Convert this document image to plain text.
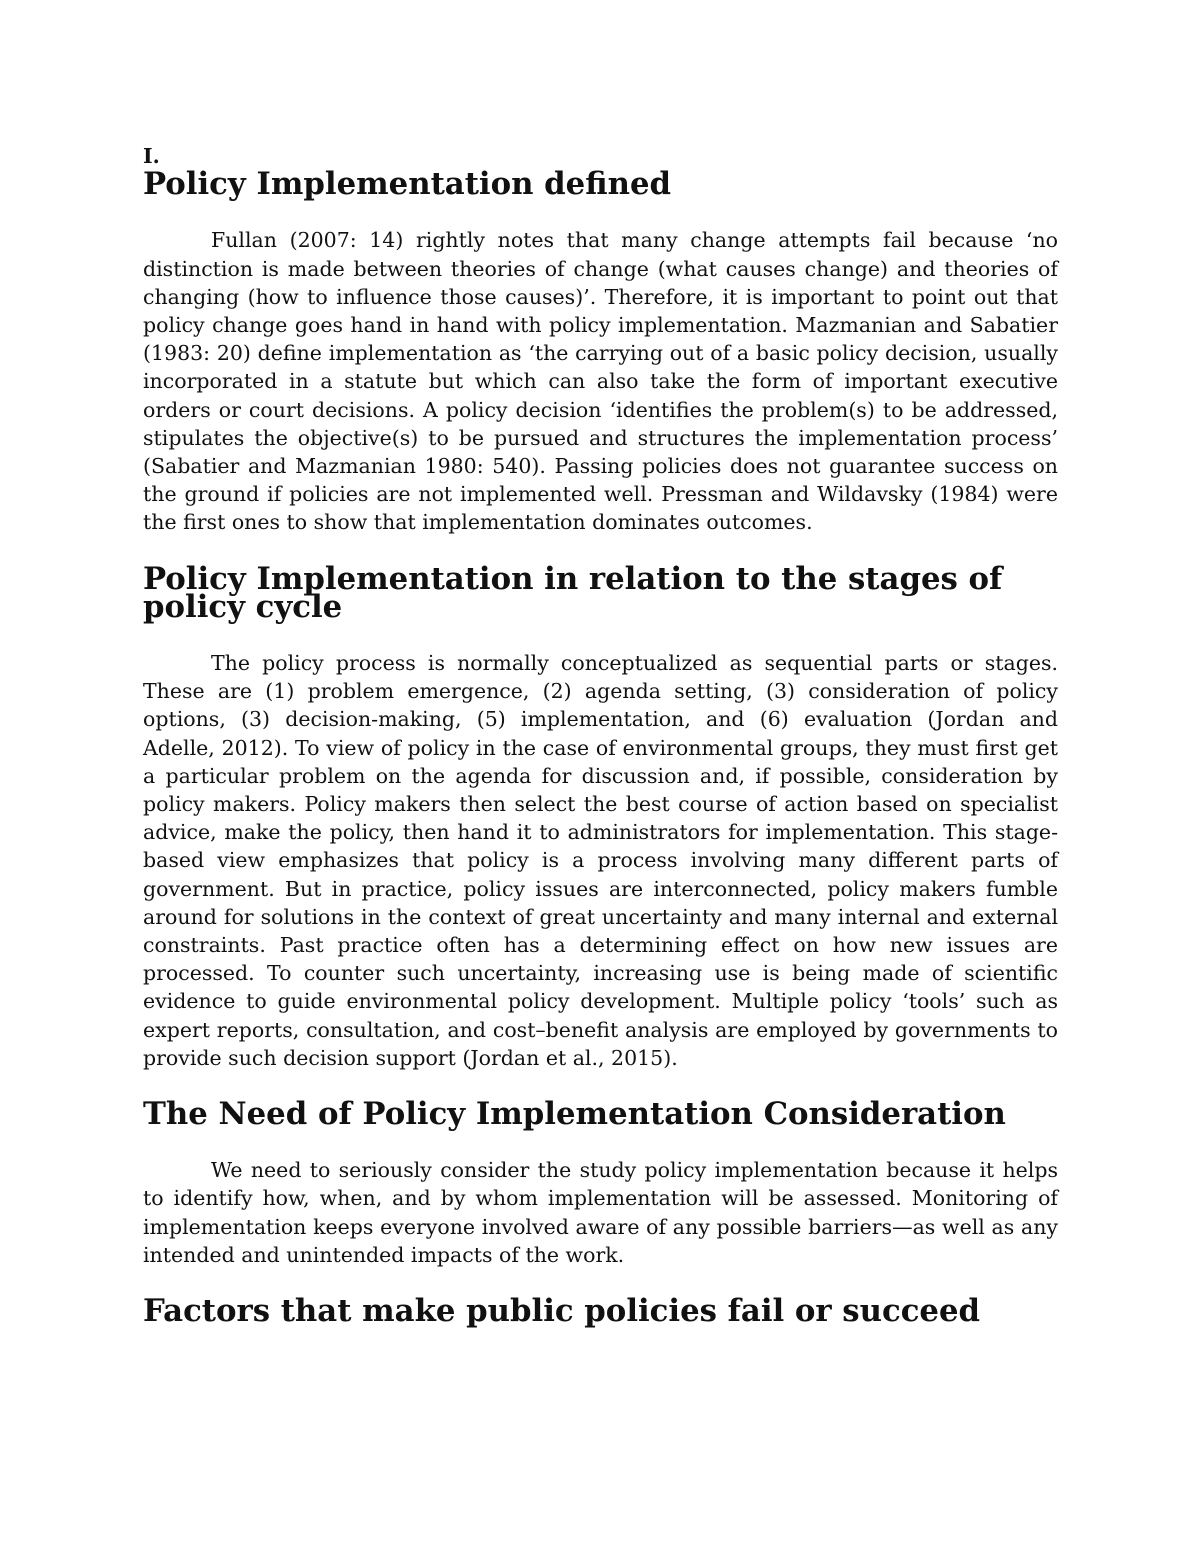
I.

Policy Implementation defined

Fullan (2007: 14) rightly notes that many change attempts fail because ‘no distinction is made between theories of change (what causes change) and theories of changing (how to influence those causes)’. Therefore, it is important to point out that policy change goes hand in hand with policy implementation. Mazmanian and Sabatier (1983: 20) define implementation as ‘the carrying out of a basic policy decision, usually incorporated in a statute but which can also take the form of important executive orders or court decisions. A policy decision ‘identifies the problem(s) to be addressed, stipulates the objective(s) to be pursued and structures the implementation process’ (Sabatier and Mazmanian 1980: 540). Passing policies does not guarantee success on the ground if policies are not implemented well. Pressman and Wildavsky (1984) were the first ones to show that implementation dominates outcomes.

Policy Implementation in relation to the stages of policy cycle

The policy process is normally conceptualized as sequential parts or stages. These are (1) problem emergence, (2) agenda setting, (3) consideration of policy options, (3) decision-making, (5) implementation, and (6) evaluation (Jordan and Adelle, 2012). To view of policy in the case of environmental groups, they must first get a particular problem on the agenda for discussion and, if possible, consideration by policy makers. Policy makers then select the best course of action based on specialist advice, make the policy, then hand it to administrators for implementation. This stage-based view emphasizes that policy is a process involving many different parts of government. But in practice, policy issues are interconnected, policy makers fumble around for solutions in the context of great uncertainty and many internal and external constraints. Past practice often has a determining effect on how new issues are processed. To counter such uncertainty, increasing use is being made of scientific evidence to guide environmental policy development. Multiple policy ‘tools’ such as expert reports, consultation, and cost–benefit analysis are employed by governments to provide such decision support (Jordan et al., 2015).

The Need of Policy Implementation Consideration

We need to seriously consider the study policy implementation because it helps to identify how, when, and by whom implementation will be assessed. Monitoring of implementation keeps everyone involved aware of any possible barriers—as well as any intended and unintended impacts of the work.

Factors that make public policies fail or succeed
